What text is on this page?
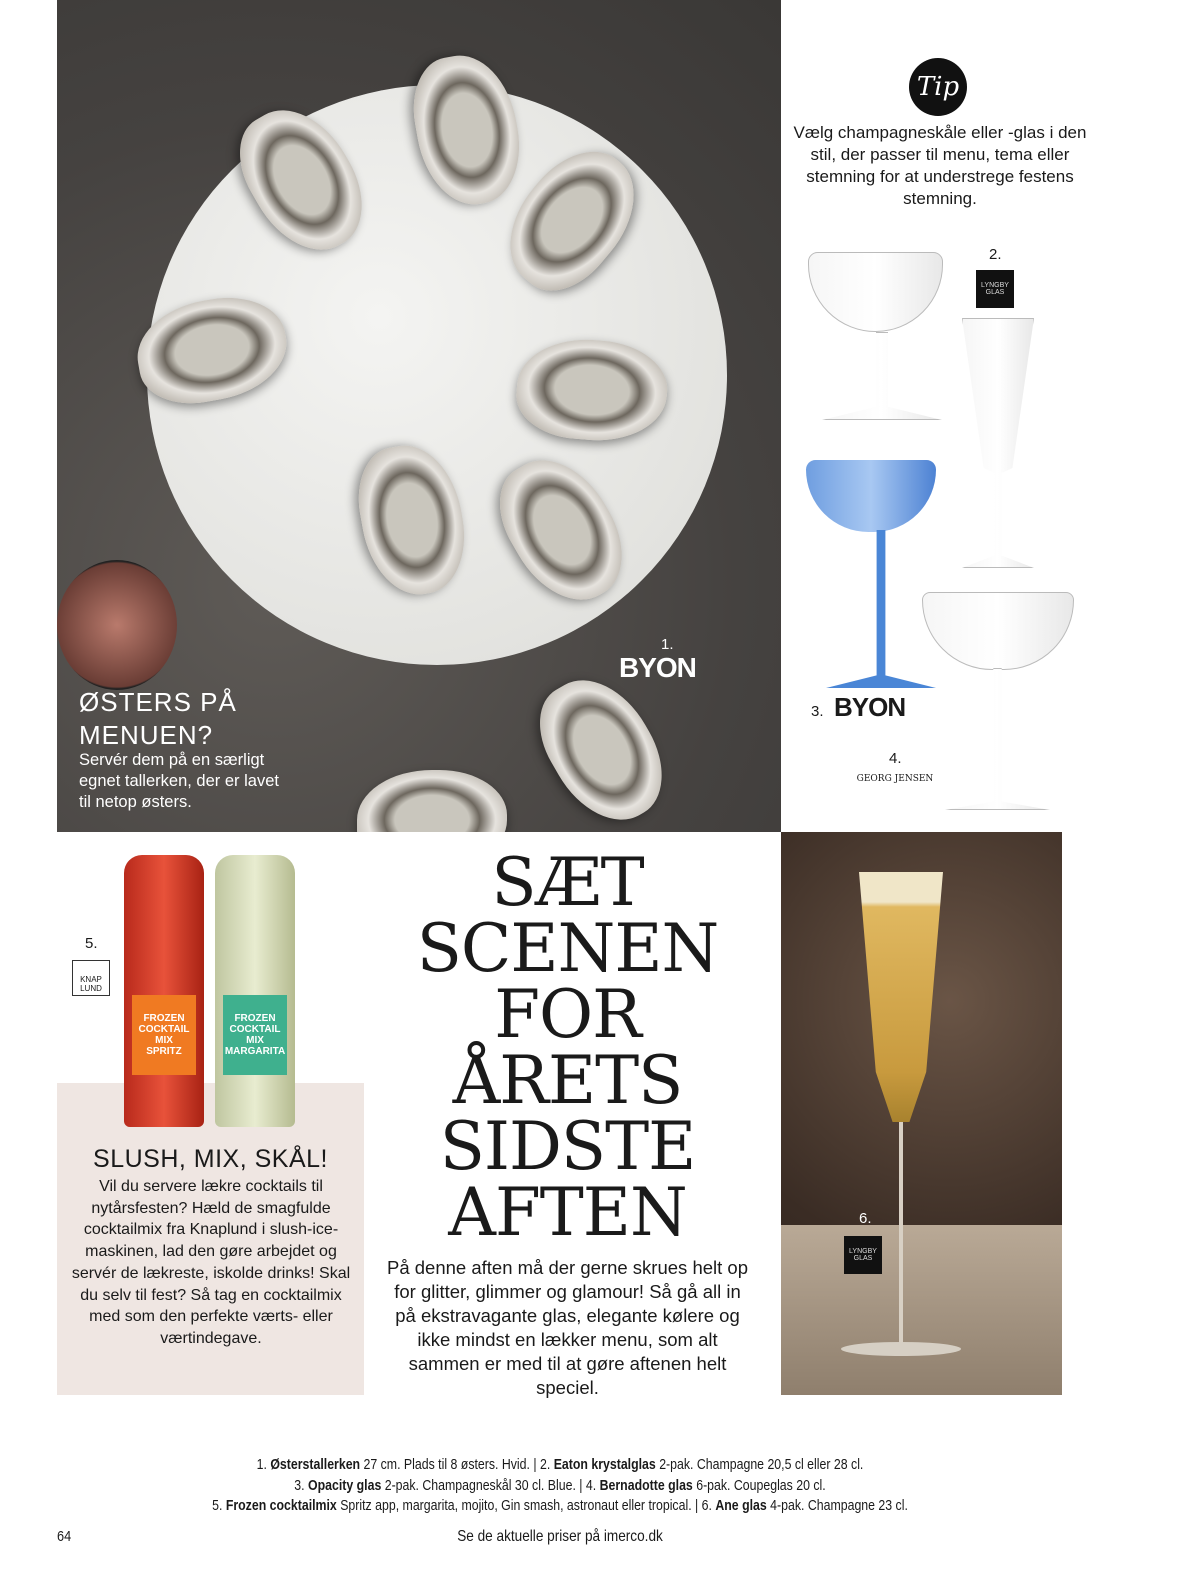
1.
BYON
ØSTERS PÅ
MENUEN?
Servér dem på en særligt egnet tallerken, der er lavet til netop østers.
Tip
Vælg champagneskåle eller -glas i den stil, der passer til menu, tema eller stemning for at understrege festens stemning.
2.
LYNGBY GLAS
3. BYON
4.
GEORG JENSEN
5.
KNAP LUND
FROZEN COCKTAIL MIX
SPRITZ
FROZEN COCKTAIL MIX
MARGARITA
SLUSH, MIX, SKÅL!
Vil du servere lækre cocktails til nytårsfesten? Hæld de smagfulde cocktailmix fra Knaplund i slush-ice-maskinen, lad den gøre arbejdet og servér de lækreste, iskolde drinks! Skal du selv til fest? Så tag en cocktailmix med som den perfekte værts- eller værtindegave.
SÆT
SCENEN
FOR
ÅRETS
SIDSTE
AFTEN
På denne aften må der gerne skrues helt op for glitter, glimmer og glamour! Så gå all in på ekstravagante glas, elegante kølere og ikke mindst en lækker menu, som alt sammen er med til at gøre aftenen helt speciel.
6.
LYNGBY GLAS
1. Østerstallerken 27 cm. Plads til 8 østers. Hvid. | 2. Eaton krystalglas 2-pak. Champagne 20,5 cl eller 28 cl.
3. Opacity glas 2-pak. Champagneskål 30 cl. Blue. | 4. Bernadotte glas 6-pak. Coupeglas 20 cl.
5. Frozen cocktailmix Spritz app, margarita, mojito, Gin smash, astronaut eller tropical. | 6. Ane glas 4-pak. Champagne 23 cl.
64	Se de aktuelle priser på imerco.dk
